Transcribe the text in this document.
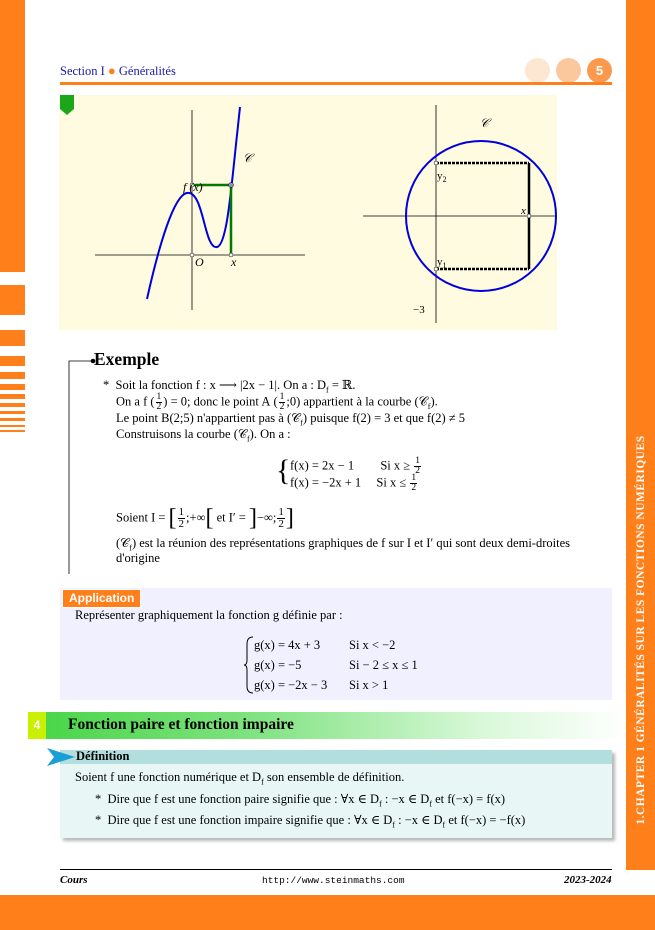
Section I ● Généralités	5
1.CHAPTER 1 GÉNÉRALITÉS SUR LES FONCTIONS NUMÉRIQUES
𝒞
f (x)
O x
𝒞
$y_2$
$y_1$
x
−3
Exemple
* Soit la fonction f : x ⟶ |2x − 1|. On a : $D_f$ = ℝ.
On a f ( $\frac{1}{2}$ ) = 0; donc le point A ( $\frac{1}{2}$ ;0) appartient à la courbe (𝒞$_f$).
Le point B(2;5) n'appartient pas à (𝒞$_f$) puisque f(2) = 3 et que f(2) ≠ 5
Construisons la courbe (𝒞$_f$). On a :
{ f(x) = 2x − 1 Si $x \ge \frac{1}{2}$
f(x) = −2x + 1 Si $x \le \frac{1}{2}$
Soient I = [ $\frac{1}{2}$ ;+∞[ et I′ = ]−∞; $\frac{1}{2}$ ]
(𝒞$_f$) est la réunion des représentations graphiques de f sur I et I′ qui sont deux demi-droites
d'origine
Application
Représenter graphiquement la fonction g définie par :
g(x) = 4x + 3 Si x < −2
g(x) = −5	Si − 2 ≤ x ≤ 1
g(x) = −2x − 3 Si x > 1
4	Fonction paire et fonction impaire
Définition
Soient f une fonction numérique et $D_f$ son ensemble de définition.
* Dire que f est une fonction paire signifie que : ∀x ∈ $D_f$ : −x ∈ $D_f$ et f(−x) = f(x)
* Dire que f est une fonction impaire signifie que : ∀x ∈ $D_f$ : −x ∈ $D_f$ et f(−x) = −f(x)
Cours	http://www.steinmaths.com	2023-2024
